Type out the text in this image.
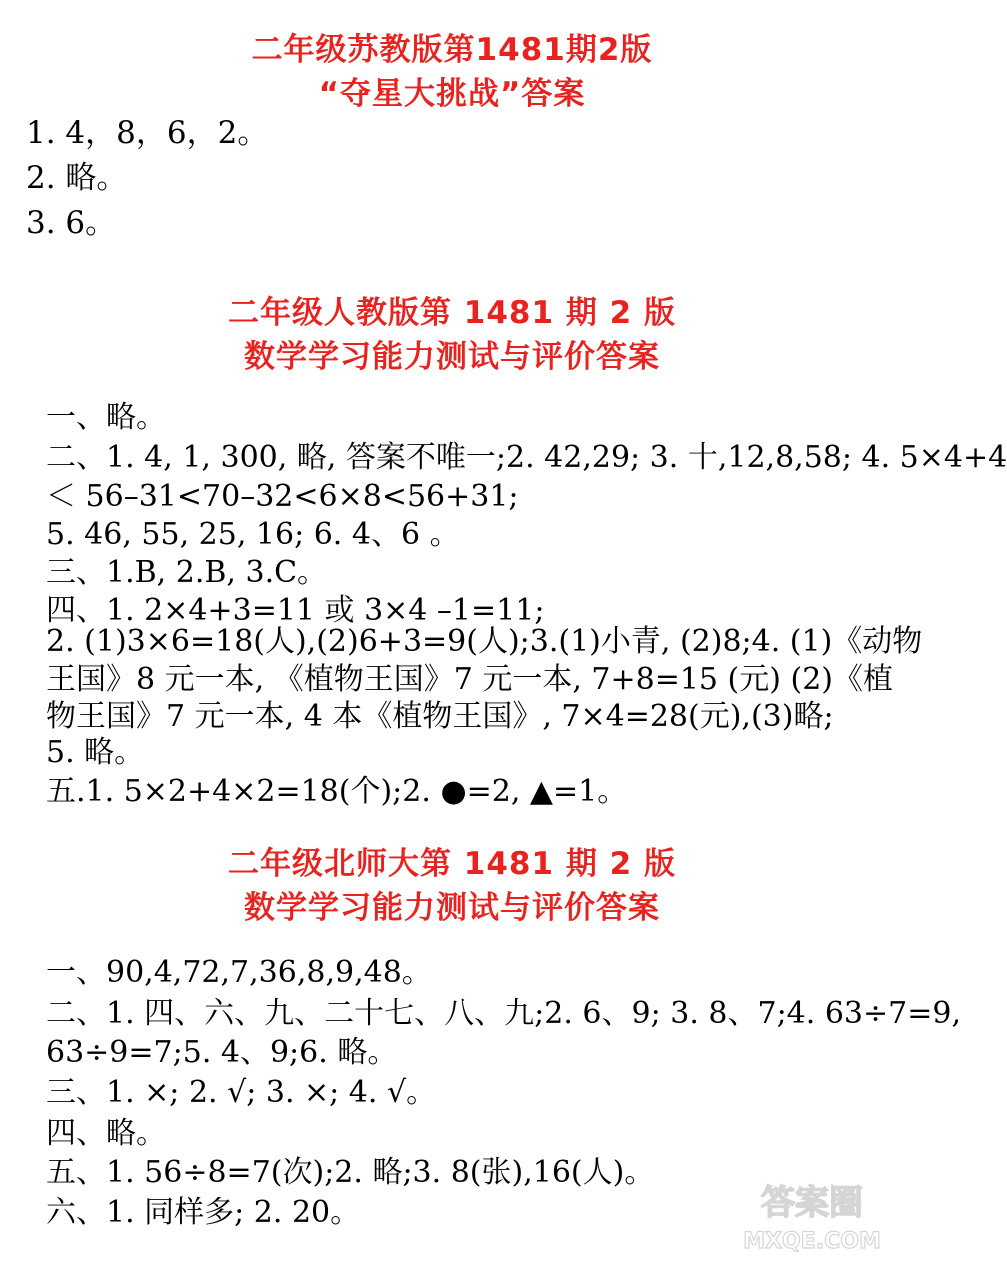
二年级苏教版第1481期2版
“夺星大挑战”答案
1. 4，8，6，2。
2. 略。
3. 6。
二年级人教版第 1481 期 2 版
数学学习能力测试与评价答案
一、略。
二、1. 4, 1, 300, 略, 答案不唯一;2. 42,29; 3. 十,12,8,58; 4. 5×4+4
＜ 56–31<70–32<6×8<56+31;
5. 46, 55, 25, 16; 6. 4、6 。
三、1.B, 2.B, 3.C。
四、1. 2×4+3=11 或 3×4 –1=11;
2. (1)3×6=18(人),(2)6+3=9(人);3.(1)小青, (2)8;4. (1)《动物
王国》8 元一本, 《植物王国》7 元一本, 7+8=15 (元) (2)《植
物王国》7 元一本, 4 本《植物王国》, 7×4=28(元),(3)略;
5. 略。
五.1. 5×2+4×2=18(个);2. ●=2, ▲=1。
二年级北师大第 1481 期 2 版
数学学习能力测试与评价答案
一、90,4,72,7,36,8,9,48。
二、1. 四、六、九、二十七、八、九;2. 6、9; 3. 8、7;4. 63÷7=9,
63÷9=7;5. 4、9;6. 略。
三、1. ×; 2. √; 3. ×; 4. √。
四、略。
五、1. 56÷8=7(次);2. 略;3. 8(张),16(人)。
六、1. 同样多; 2. 20。	答案圈
MXQE.COM
